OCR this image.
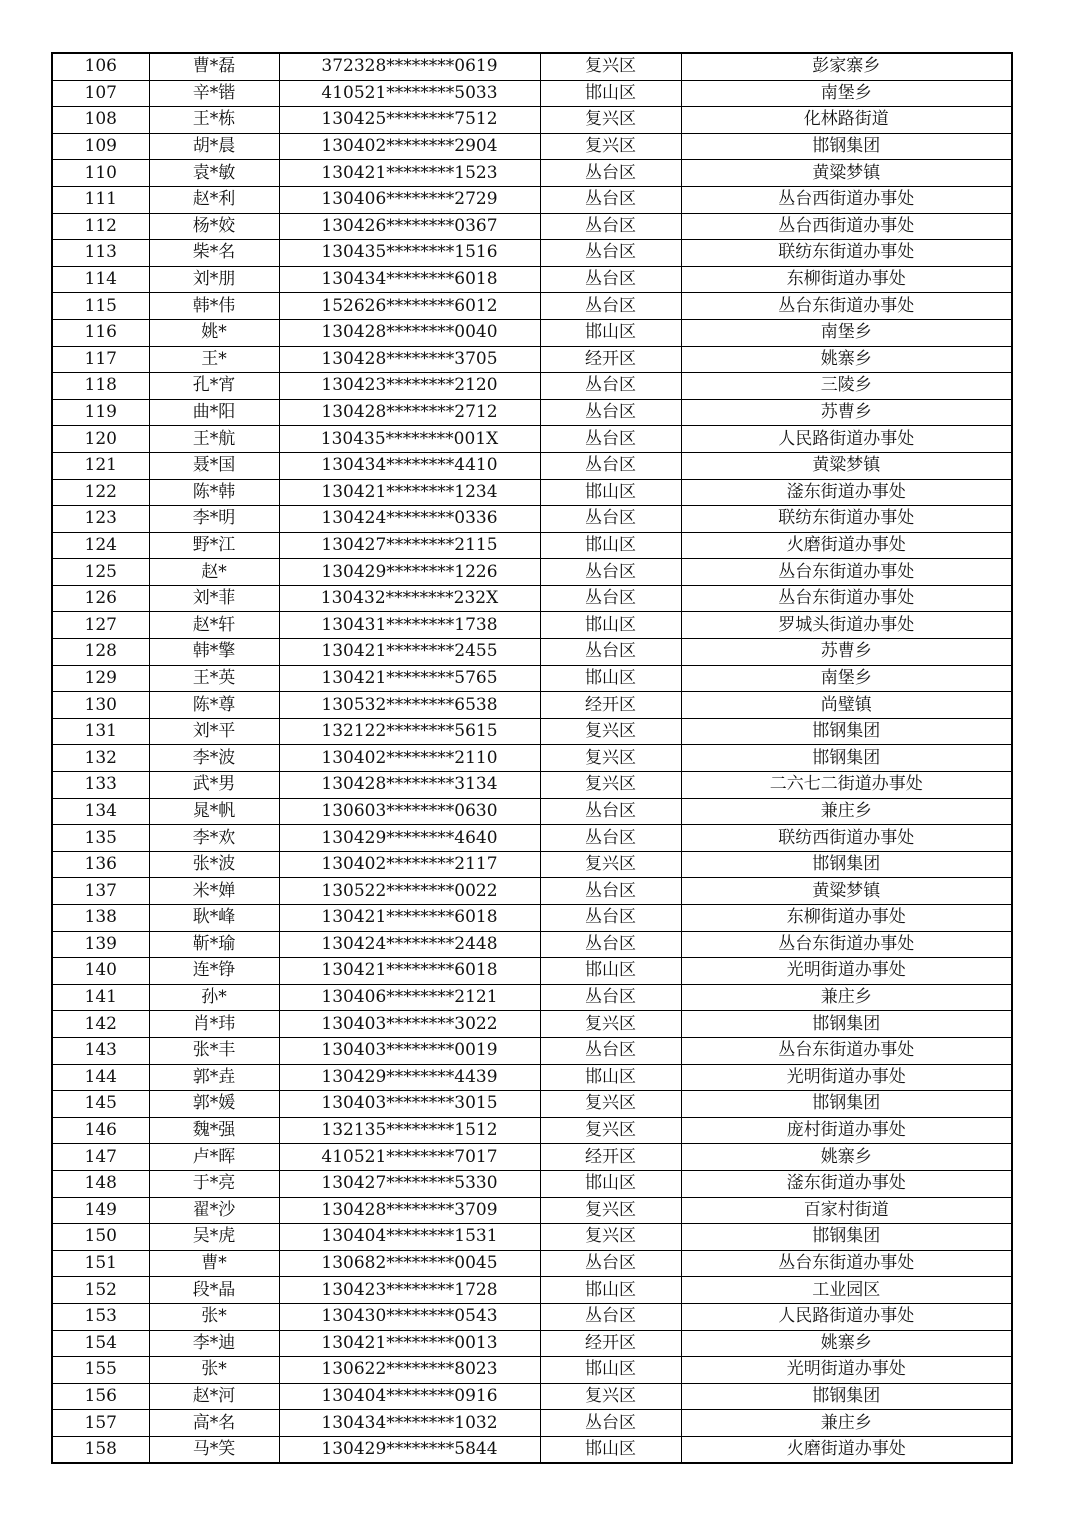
106	曹*磊	372328********0619	复兴区	彭家寨乡
107	辛*锴	410521********5033	邯山区	南堡乡
108	王*栋	130425********7512	复兴区	化林路街道
109	胡*晨	130402********2904	复兴区	邯钢集团
110	袁*敏	130421********1523	丛台区	黄粱梦镇
111	赵*利	130406********2729	丛台区	丛台西街道办事处
112	杨*姣	130426********0367	丛台区	丛台西街道办事处
113	柴*名	130435********1516	丛台区	联纺东街道办事处
114	刘*朋	130434********6018	丛台区	东柳街道办事处
115	韩*伟	152626********6012	丛台区	丛台东街道办事处
116	姚*	130428********0040	邯山区	南堡乡
117	王*	130428********3705	经开区	姚寨乡
118	孔*宵	130423********2120	丛台区	三陵乡
119	曲*阳	130428********2712	丛台区	苏曹乡
120	王*航	130435********001X	丛台区	人民路街道办事处
121	聂*国	130434********4410	丛台区	黄粱梦镇
122	陈*韩	130421********1234	邯山区	滏东街道办事处
123	李*明	130424********0336	丛台区	联纺东街道办事处
124	野*江	130427********2115	邯山区	火磨街道办事处
125	赵*	130429********1226	丛台区	丛台东街道办事处
126	刘*菲	130432********232X	丛台区	丛台东街道办事处
127	赵*轩	130431********1738	邯山区	罗城头街道办事处
128	韩*擎	130421********2455	丛台区	苏曹乡
129	王*英	130421********5765	邯山区	南堡乡
130	陈*尊	130532********6538	经开区	尚璧镇
131	刘*平	132122********5615	复兴区	邯钢集团
132	李*波	130402********2110	复兴区	邯钢集团
133	武*男	130428********3134	复兴区	二六七二街道办事处
134	晁*帆	130603********0630	丛台区	兼庄乡
135	李*欢	130429********4640	丛台区	联纺西街道办事处
136	张*波	130402********2117	复兴区	邯钢集团
137	米*婵	130522********0022	丛台区	黄粱梦镇
138	耿*峰	130421********6018	丛台区	东柳街道办事处
139	靳*瑜	130424********2448	丛台区	丛台东街道办事处
140	连*铮	130421********6018	邯山区	光明街道办事处
141	孙*	130406********2121	丛台区	兼庄乡
142	肖*玮	130403********3022	复兴区	邯钢集团
143	张*丰	130403********0019	丛台区	丛台东街道办事处
144	郭*垚	130429********4439	邯山区	光明街道办事处
145	郭*媛	130403********3015	复兴区	邯钢集团
146	魏*强	132135********1512	复兴区	庞村街道办事处
147	卢*晖	410521********7017	经开区	姚寨乡
148	于*亮	130427********5330	邯山区	滏东街道办事处
149	翟*沙	130428********3709	复兴区	百家村街道
150	吴*虎	130404********1531	复兴区	邯钢集团
151	曹*	130682********0045	丛台区	丛台东街道办事处
152	段*晶	130423********1728	邯山区	工业园区
153	张*	130430********0543	丛台区	人民路街道办事处
154	李*迪	130421********0013	经开区	姚寨乡
155	张*	130622********8023	邯山区	光明街道办事处
156	赵*河	130404********0916	复兴区	邯钢集团
157	高*名	130434********1032	丛台区	兼庄乡
158	马*笑	130429********5844	邯山区	火磨街道办事处
